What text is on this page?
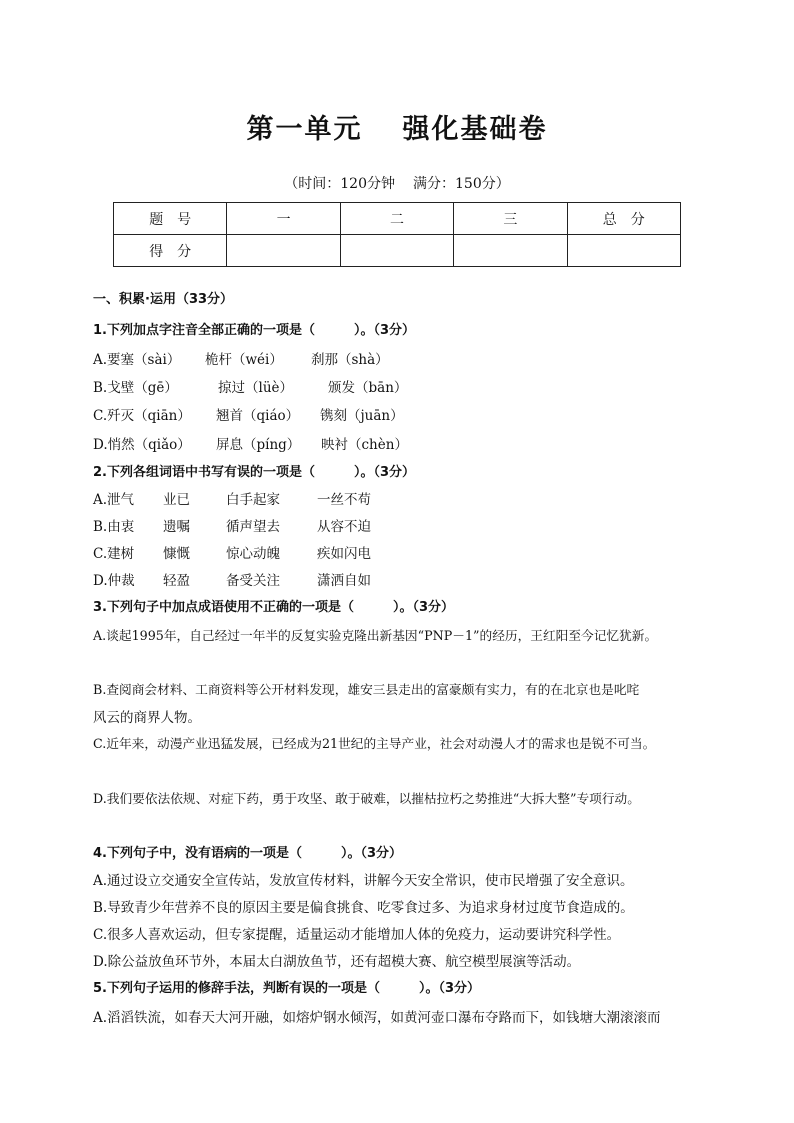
第一单元 强化基础卷
（时间：120分钟 满分：150分）
题　号	一	二	三	总　分
得　分				
一、积累·运用（33分）
1.下列加点字注音全部正确的一项是（　　　）。（3分）
A.要塞（sài） 桅杆（wéi） 刹那（shà）
B.戈壁（gē）	掠过（lüè）	颁发（bān）
C.歼灭（qiān） 翘首（qiáo） 镌刻（juān）
D.悄然（qiǎo） 屏息（píng） 映衬（chèn）
2.下列各组词语中书写有误的一项是（　　　）。（3分）
A.泄气 业已	白手起家	一丝不苟
B.由衷 遗嘱	循声望去	从容不迫
C.建树 慷慨	惊心动魄	疾如闪电
D.仲裁 轻盈	备受关注	潇洒自如
3.下列句子中加点成语使用不正确的一项是（　　　）。（3分）
A.谈起1995年，自己经过一年半的反复实验克隆出新基因“PNP－1”的经历，王红阳至今记忆犹新。
B.查阅商会材料、工商资料等公开材料发现，雄安三县走出的富豪颇有实力，有的在北京也是叱咤
风云的商界人物。
C.近年来，动漫产业迅猛发展，已经成为21世纪的主导产业，社会对动漫人才的需求也是锐不可当。
D.我们要依法依规、对症下药，勇于攻坚、敢于破难，以摧枯拉朽之势推进“大拆大整”专项行动。
4.下列句子中，没有语病的一项是（　　　）。（3分）
A.通过设立交通安全宣传站，发放宣传材料，讲解今天安全常识，使市民增强了安全意识。
B.导致青少年营养不良的原因主要是偏食挑食、吃零食过多、为追求身材过度节食造成的。
C.很多人喜欢运动，但专家提醒，适量运动才能增加人体的免疫力，运动要讲究科学性。
D.除公益放鱼环节外，本届太白湖放鱼节，还有超模大赛、航空模型展演等活动。
5.下列句子运用的修辞手法，判断有误的一项是（　　　）。（3分）
A.滔滔铁流，如春天大河开融，如熔炉钢水倾泻，如黄河壶口瀑布夺路而下，如钱塘大潮滚滚而
